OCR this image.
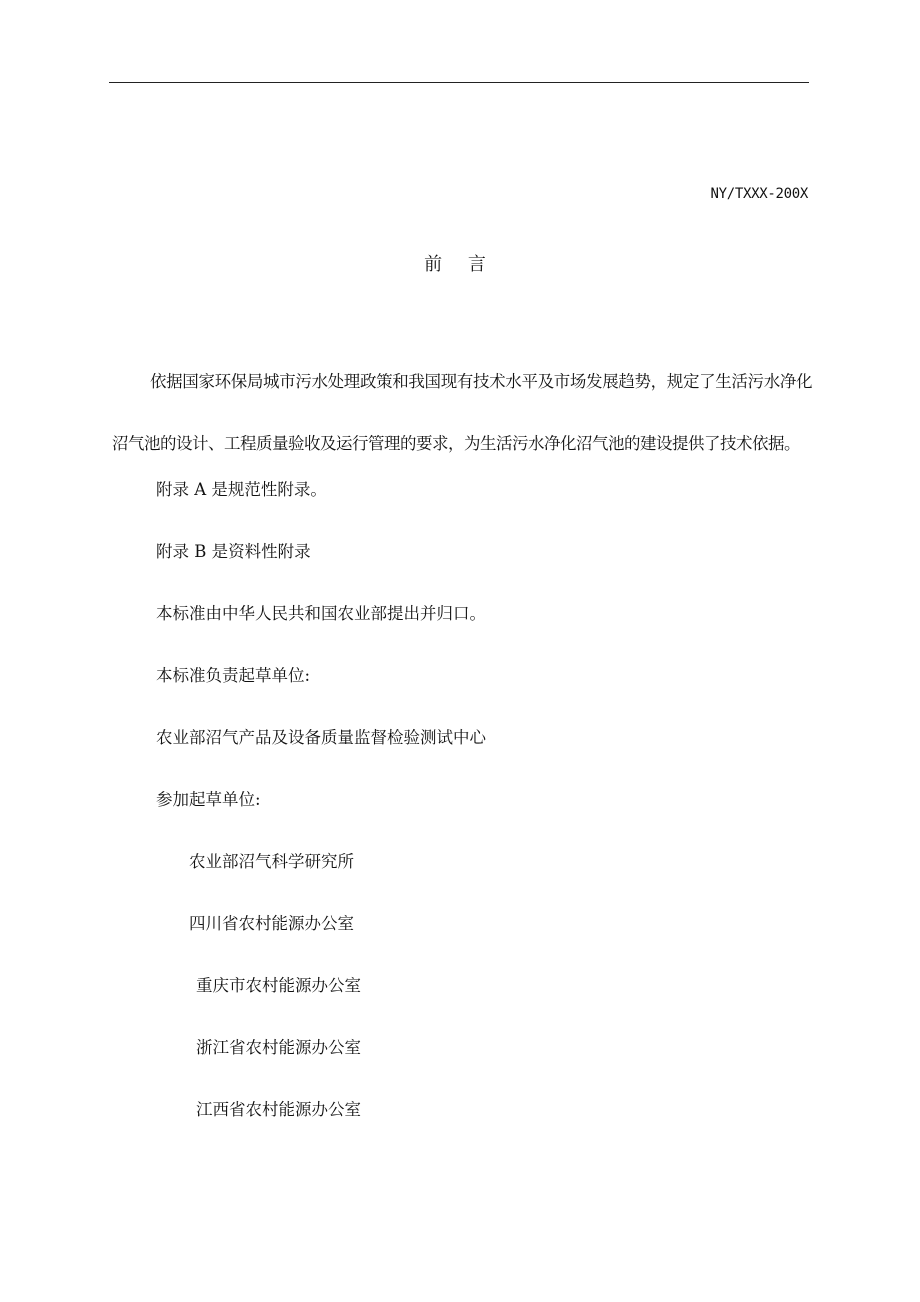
NY/TXXX-200X
前 言
依据国家环保局城市污水处理政策和我国现有技术水平及市场发展趋势，规定了生活污水净化沼气池的设计、工程质量验收及运行管理的要求，为生活污水净化沼气池的建设提供了技术依据。
附录 A 是规范性附录。
附录 B 是资料性附录
本标准由中华人民共和国农业部提出并归口。
本标准负责起草单位:
农业部沼气产品及设备质量监督检验测试中心
参加起草单位:
农业部沼气科学研究所
四川省农村能源办公室
重庆市农村能源办公室
浙江省农村能源办公室
江西省农村能源办公室
